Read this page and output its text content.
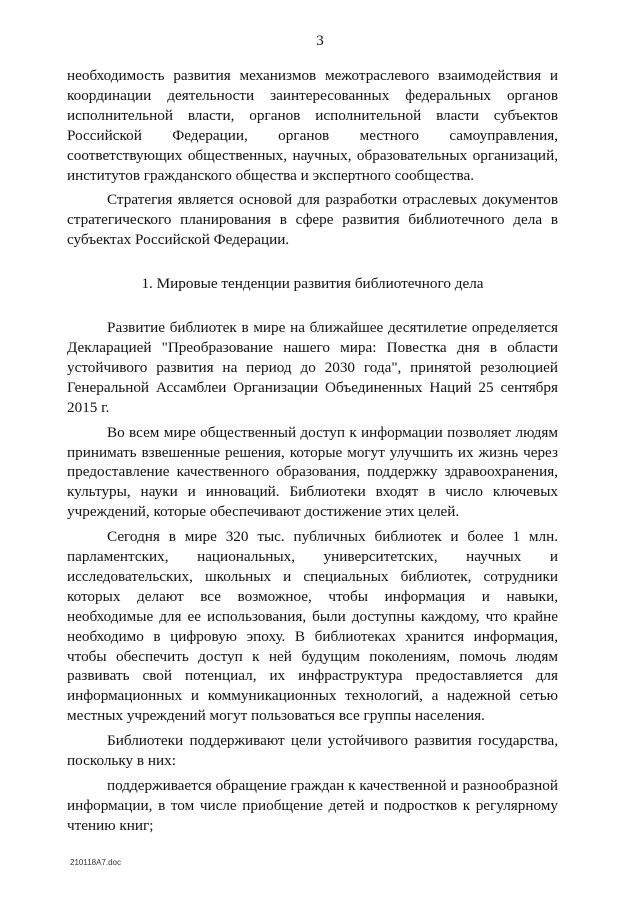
3

необходимость развития механизмов межотраслевого взаимодействия и координации деятельности заинтересованных федеральных органов исполнительной власти, органов исполнительной власти субъектов Российской Федерации, органов местного самоуправления, соответствующих общественных, научных, образовательных организаций, институтов гражданского общества и экспертного сообщества.

Стратегия является основой для разработки отраслевых документов стратегического планирования в сфере развития библиотечного дела в субъектах Российской Федерации.

1. Мировые тенденции развития библиотечного дела

Развитие библиотек в мире на ближайшее десятилетие определяется Декларацией "Преобразование нашего мира: Повестка дня в области устойчивого развития на период до 2030 года", принятой резолюцией Генеральной Ассамблеи Организации Объединенных Наций 25 сентября 2015 г.

Во всем мире общественный доступ к информации позволяет людям принимать взвешенные решения, которые могут улучшить их жизнь через предоставление качественного образования, поддержку здравоохранения, культуры, науки и инноваций. Библиотеки входят в число ключевых учреждений, которые обеспечивают достижение этих целей.

Сегодня в мире 320 тыс. публичных библиотек и более 1 млн. парламентских, национальных, университетских, научных и исследовательских, школьных и специальных библиотек, сотрудники которых делают все возможное, чтобы информация и навыки, необходимые для ее использования, были доступны каждому, что крайне необходимо в цифровую эпоху. В библиотеках хранится информация, чтобы обеспечить доступ к ней будущим поколениям, помочь людям развивать свой потенциал, их инфраструктура предоставляется для информационных и коммуникационных технологий, а надежной сетью местных учреждений могут пользоваться все группы населения.

Библиотеки поддерживают цели устойчивого развития государства, поскольку в них:

поддерживается обращение граждан к качественной и разнообразной информации, в том числе приобщение детей и подростков к регулярному чтению книг;

210118A7.doc
